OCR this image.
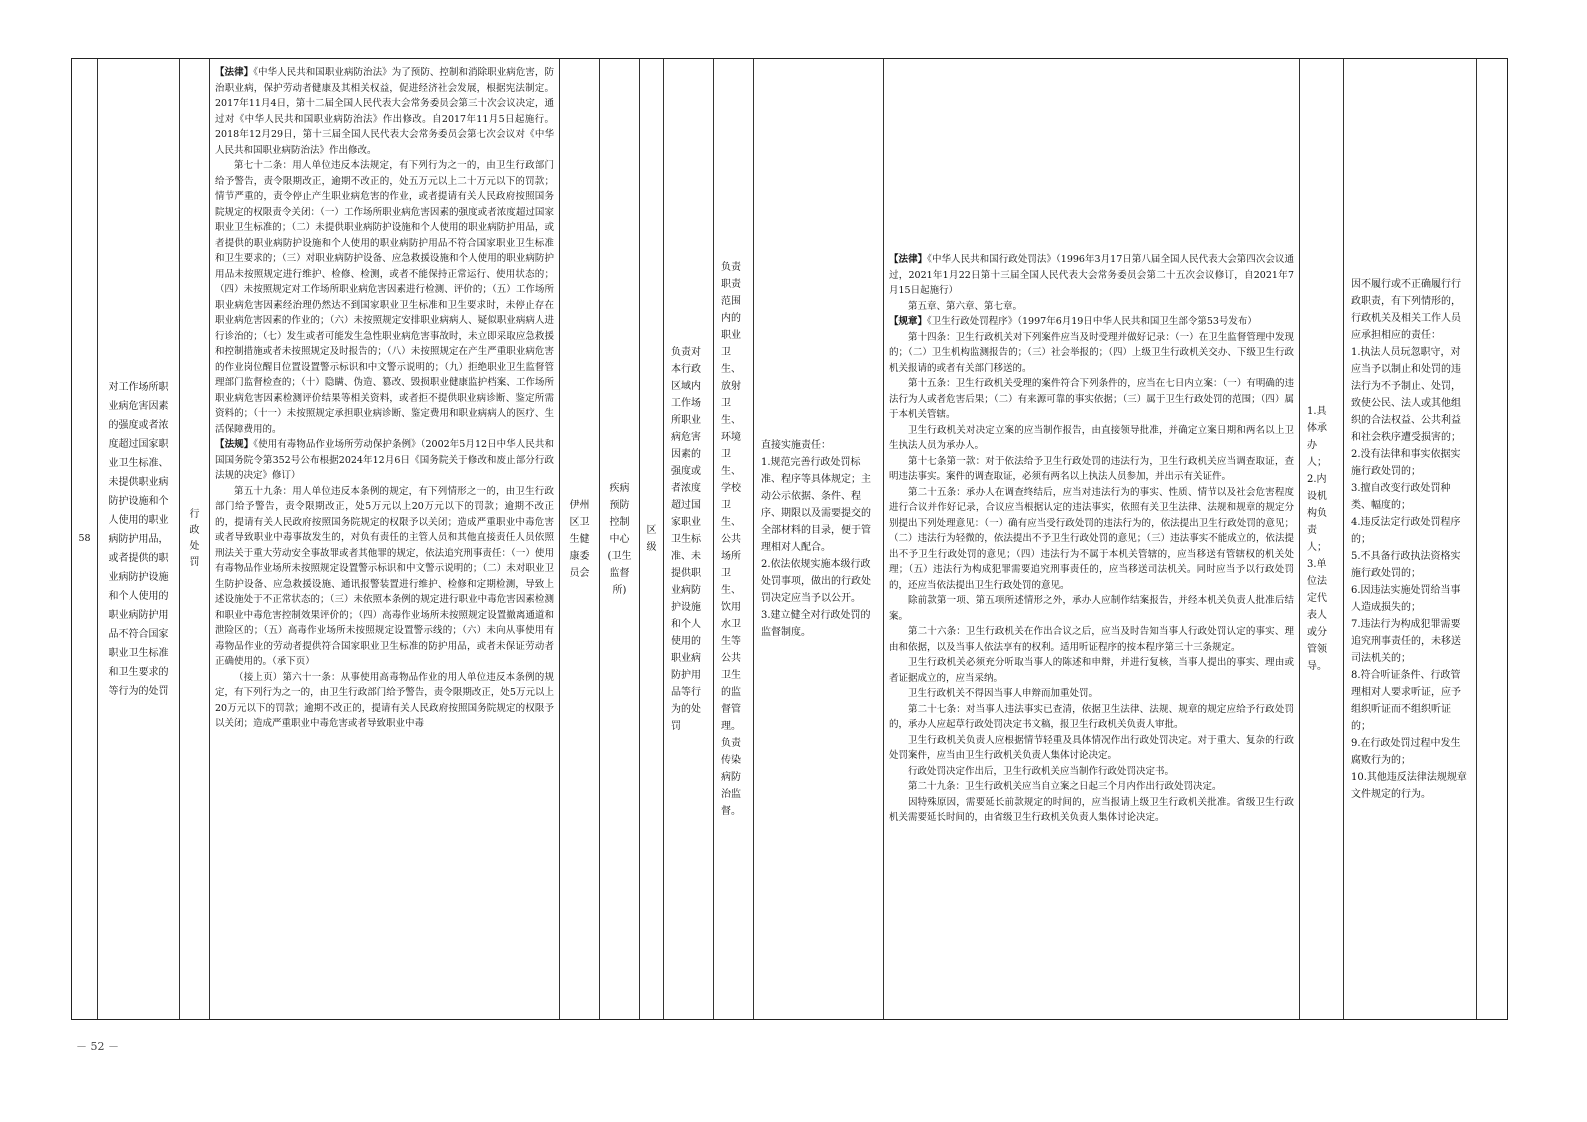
58
对工作场所职业病危害因素的强度或者浓度超过国家职业卫生标准、未提供职业病防护设施和个人使用的职业病防护用品，或者提供的职业病防护设施和个人使用的职业病防护用品不符合国家职业卫生标准和卫生要求的等行为的处罚
行政处罚

【法律】《中华人民共和国职业病防治法》为了预防、控制和消除职业病危害，防治职业病，保护劳动者健康及其相关权益，促进经济社会发展，根据宪法制定。2017年11月4日，第十二届全国人民代表大会常务委员会第三十次会议决定，通过对《中华人民共和国职业病防治法》作出修改。自2017年11月5日起施行。2018年12月29日，第十三届全国人民代表大会常务委员会第七次会议对《中华人民共和国职业病防治法》作出修改。

第七十二条：用人单位违反本法规定，有下列行为之一的，由卫生行政部门给予警告，责令限期改正，逾期不改正的，处五万元以上二十万元以下的罚款；情节严重的，责令停止产生职业病危害的作业，或者提请有关人民政府按照国务院规定的权限责令关闭：（一）工作场所职业病危害因素的强度或者浓度超过国家职业卫生标准的；（二）未提供职业病防护设施和个人使用的职业病防护用品，或者提供的职业病防护设施和个人使用的职业病防护用品不符合国家职业卫生标准和卫生要求的；（三）对职业病防护设备、应急救援设施和个人使用的职业病防护用品未按照规定进行维护、检修、检测，或者不能保持正常运行、使用状态的；（四）未按照规定对工作场所职业病危害因素进行检测、评价的；（五）工作场所职业病危害因素经治理仍然达不到国家职业卫生标准和卫生要求时，未停止存在职业病危害因素的作业的；（六）未按照规定安排职业病病人、疑似职业病病人进行诊治的；（七）发生或者可能发生急性职业病危害事故时，未立即采取应急救援和控制措施或者未按照规定及时报告的；（八）未按照规定在产生严重职业病危害的作业岗位醒目位置设置警示标识和中文警示说明的；（九）拒绝职业卫生监督管理部门监督检查的；（十）隐瞒、伪造、篡改、毁损职业健康监护档案、工作场所职业病危害因素检测评价结果等相关资料，或者拒不提供职业病诊断、鉴定所需资料的；（十一）未按照规定承担职业病诊断、鉴定费用和职业病病人的医疗、生活保障费用的。

【法规】《使用有毒物品作业场所劳动保护条例》（2002年5月12日中华人民共和国国务院令第352号公布根据2024年12月6日《国务院关于修改和废止部分行政法规的决定》修订）

第五十九条：用人单位违反本条例的规定，有下列情形之一的，由卫生行政部门给予警告，责令限期改正，处5万元以上20万元以下的罚款；逾期不改正的，提请有关人民政府按照国务院规定的权限予以关闭；造成严重职业中毒危害或者导致职业中毒事故发生的，对负有责任的主管人员和其他直接责任人员依照刑法关于重大劳动安全事故罪或者其他罪的规定，依法追究刑事责任：（一）使用有毒物品作业场所未按照规定设置警示标识和中文警示说明的；（二）未对职业卫生防护设备、应急救援设施、通讯报警装置进行维护、检修和定期检测，导致上述设施处于不正常状态的；（三）未依照本条例的规定进行职业中毒危害因素检测和职业中毒危害控制效果评价的；（四）高毒作业场所未按照规定设置撤离通道和泄险区的；（五）高毒作业场所未按照规定设置警示线的；（六）未向从事使用有毒物品作业的劳动者提供符合国家职业卫生标准的防护用品，或者未保证劳动者正确使用的。（承下页）

（接上页）第六十一条：从事使用高毒物品作业的用人单位违反本条例的规定，有下列行为之一的，由卫生行政部门给予警告，责令限期改正，处5万元以上20万元以下的罚款；逾期不改正的，提请有关人民政府按照国务院规定的权限予以关闭；造成严重职业中毒危害或者导致职业中毒

伊州区卫生健康委员会
疾病预防控制中心(卫生监督所)
区级
负责对本行政区域内工作场所职业病危害因素的强度或者浓度超过国家职业卫生标准、未提供职业病防护设施和个人使用的职业病防护用品等行为的处罚
负责职责范围内的职业卫生、放射卫生、环境卫生、学校卫生、公共场所卫生、饮用水卫生等公共卫生的监督管理。负责传染病防治监督。

直接实施责任：

1.规范完善行政处罚标准、程序等具体规定；主动公示依据、条件、程序、期限以及需要提交的全部材料的目录，便于管理相对人配合。

2.依法依规实施本级行政处罚事项，做出的行政处罚决定应当予以公开。

3.建立健全对行政处罚的监督制度。

【法律】《中华人民共和国行政处罚法》（1996年3月17日第八届全国人民代表大会第四次会议通过，2021年1月22日第十三届全国人民代表大会常务委员会第二十五次会议修订，自2021年7月15日起施行）

第五章、第六章、第七章。

【规章】《卫生行政处罚程序》（1997年6月19日中华人民共和国卫生部令第53号发布）

第十四条：卫生行政机关对下列案件应当及时受理并做好记录：（一）在卫生监督管理中发现的；（二）卫生机构监测报告的；（三）社会举报的；（四）上级卫生行政机关交办、下级卫生行政机关报请的或者有关部门移送的。

第十五条：卫生行政机关受理的案件符合下列条件的，应当在七日内立案：（一）有明确的违法行为人或者危害后果；（二）有来源可靠的事实依据；（三）属于卫生行政处罚的范围；（四）属于本机关管辖。

卫生行政机关对决定立案的应当制作报告，由直接领导批准，并确定立案日期和两名以上卫生执法人员为承办人。

第十七条第一款：对于依法给予卫生行政处罚的违法行为，卫生行政机关应当调查取证，查明违法事实。案件的调查取证，必须有两名以上执法人员参加，并出示有关证件。

第二十五条：承办人在调查终结后，应当对违法行为的事实、性质、情节以及社会危害程度进行合议并作好记录，合议应当根据认定的违法事实，依照有关卫生法律、法规和规章的规定分别提出下列处理意见：（一）确有应当受行政处罚的违法行为的，依法提出卫生行政处罚的意见；（二）违法行为轻微的，依法提出不予卫生行政处罚的意见；（三）违法事实不能成立的，依法提出不予卫生行政处罚的意见；（四）违法行为不属于本机关管辖的，应当移送有管辖权的机关处理；（五）违法行为构成犯罪需要追究刑事责任的，应当移送司法机关。同时应当予以行政处罚的，还应当依法提出卫生行政处罚的意见。

除前款第一项、第五项所述情形之外，承办人应制作结案报告，并经本机关负责人批准后结案。

第二十六条：卫生行政机关在作出合议之后，应当及时告知当事人行政处罚认定的事实、理由和依据，以及当事人依法享有的权利。适用听证程序的按本程序第三十三条规定。

卫生行政机关必须充分听取当事人的陈述和申辩，并进行复核，当事人提出的事实、理由或者证据成立的，应当采纳。

卫生行政机关不得因当事人申辩而加重处罚。

第二十七条：对当事人违法事实已查清，依据卫生法律、法规、规章的规定应给予行政处罚的，承办人应起草行政处罚决定书文稿，报卫生行政机关负责人审批。

卫生行政机关负责人应根据情节轻重及具体情况作出行政处罚决定。对于重大、复杂的行政处罚案件，应当由卫生行政机关负责人集体讨论决定。

行政处罚决定作出后，卫生行政机关应当制作行政处罚决定书。

第二十九条：卫生行政机关应当自立案之日起三个月内作出行政处罚决定。

因特殊原因，需要延长前款规定的时间的，应当报请上级卫生行政机关批准。省级卫生行政机关需要延长时间的，由省级卫生行政机关负责人集体讨论决定。

1.具体承办人；

2.内设机构负责人；

3.单位法定代表人或分管领导。

因不履行或不正确履行行政职责，有下列情形的，行政机关及相关工作人员应承担相应的责任：

1.执法人员玩忽职守，对应当予以制止和处罚的违法行为不予制止、处罚，致使公民、法人或其他组织的合法权益、公共利益和社会秩序遭受损害的；

2.没有法律和事实依据实施行政处罚的；

3.擅自改变行政处罚种类、幅度的；

4.违反法定行政处罚程序的；

5.不具备行政执法资格实施行政处罚的；

6.因违法实施处罚给当事人造成损失的；

7.违法行为构成犯罪需要追究刑事责任的，未移送司法机关的；

8.符合听证条件、行政管理相对人要求听证，应予组织听证而不组织听证的；

9.在行政处罚过程中发生腐败行为的；

10.其他违反法律法规规章文件规定的行为。

－ 52 －
